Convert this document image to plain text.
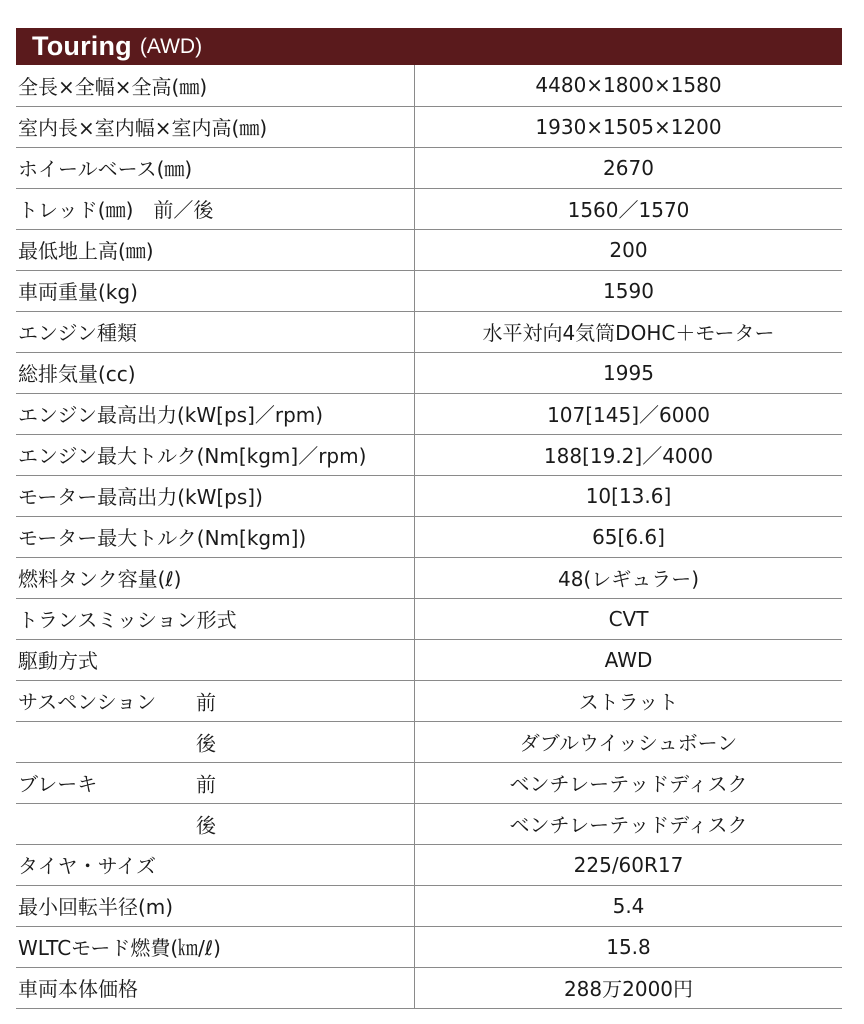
Touring (AWD)
全長×全幅×全高(㎜)	4480×1800×1580
室内長×室内幅×室内高(㎜)	1930×1505×1200
ホイールベース(㎜)	2670
トレッド(㎜)　前／後	1560／1570
最低地上高(㎜)	200
車両重量(kg)	1590
エンジン種類	水平対向4気筒DOHC＋モーター
総排気量(cc)	1995
エンジン最高出力(kW[ps]／rpm)	107[145]／6000
エンジン最大トルク(Nm[kgm]／rpm)	188[19.2]／4000
モーター最高出力(kW[ps])	10[13.6]
モーター最大トルク(Nm[kgm])	65[6.6]
燃料タンク容量(ℓ)	48(レギュラー)
トランスミッション形式	CVT
駆動方式	AWD
サスペンション 前	ストラット

後	ダブルウイッシュボーン
ブレーキ 前	ベンチレーテッドディスク

後	ベンチレーテッドディスク
タイヤ・サイズ	225/60R17
最小回転半径(m)	5.4
WLTCモード燃費(㎞/ℓ)	15.8
車両本体価格	288万2000円
